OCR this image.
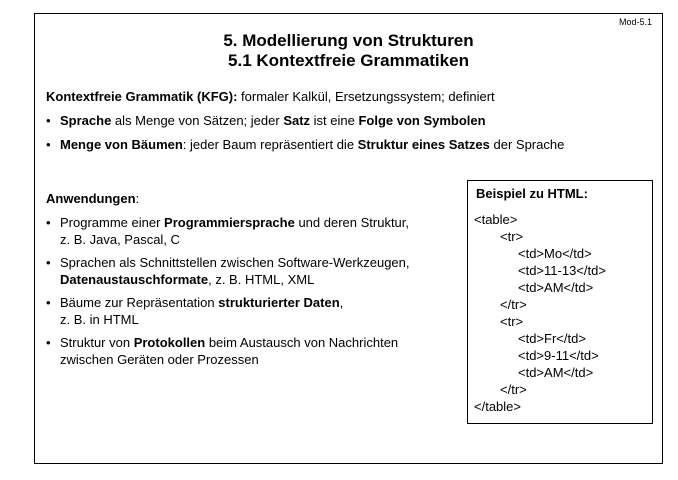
Mod-5.1
5. Modellierung von Strukturen
5.1 Kontextfreie Grammatiken

Kontextfreie Grammatik (KFG): formaler Kalkül, Ersetzungssystem; definiert

• Sprache als Menge von Sätzen; jeder Satz ist eine Folge von Symbolen
• Menge von Bäumen: jeder Baum repräsentiert die Struktur eines Satzes der Sprache
Anwendungen:
• Programme einer Programmiersprache und deren Struktur,
z. B. Java, Pascal, C
• Sprachen als Schnittstellen zwischen Software-Werkzeugen,
Datenaustauschformate, z. B. HTML, XML
• Bäume zur Repräsentation strukturierter Daten,
z. B. in HTML
• Struktur von Protokollen beim Austausch von Nachrichten
zwischen Geräten oder Prozessen
Beispiel zu HTML:
<table>
<tr>
<td>Mo</td>
<td>11-13</td>
<td>AM</td>
</tr>
<tr>
<td>Fr</td>
<td>9-11</td>
<td>AM</td>
</tr>
</table>
